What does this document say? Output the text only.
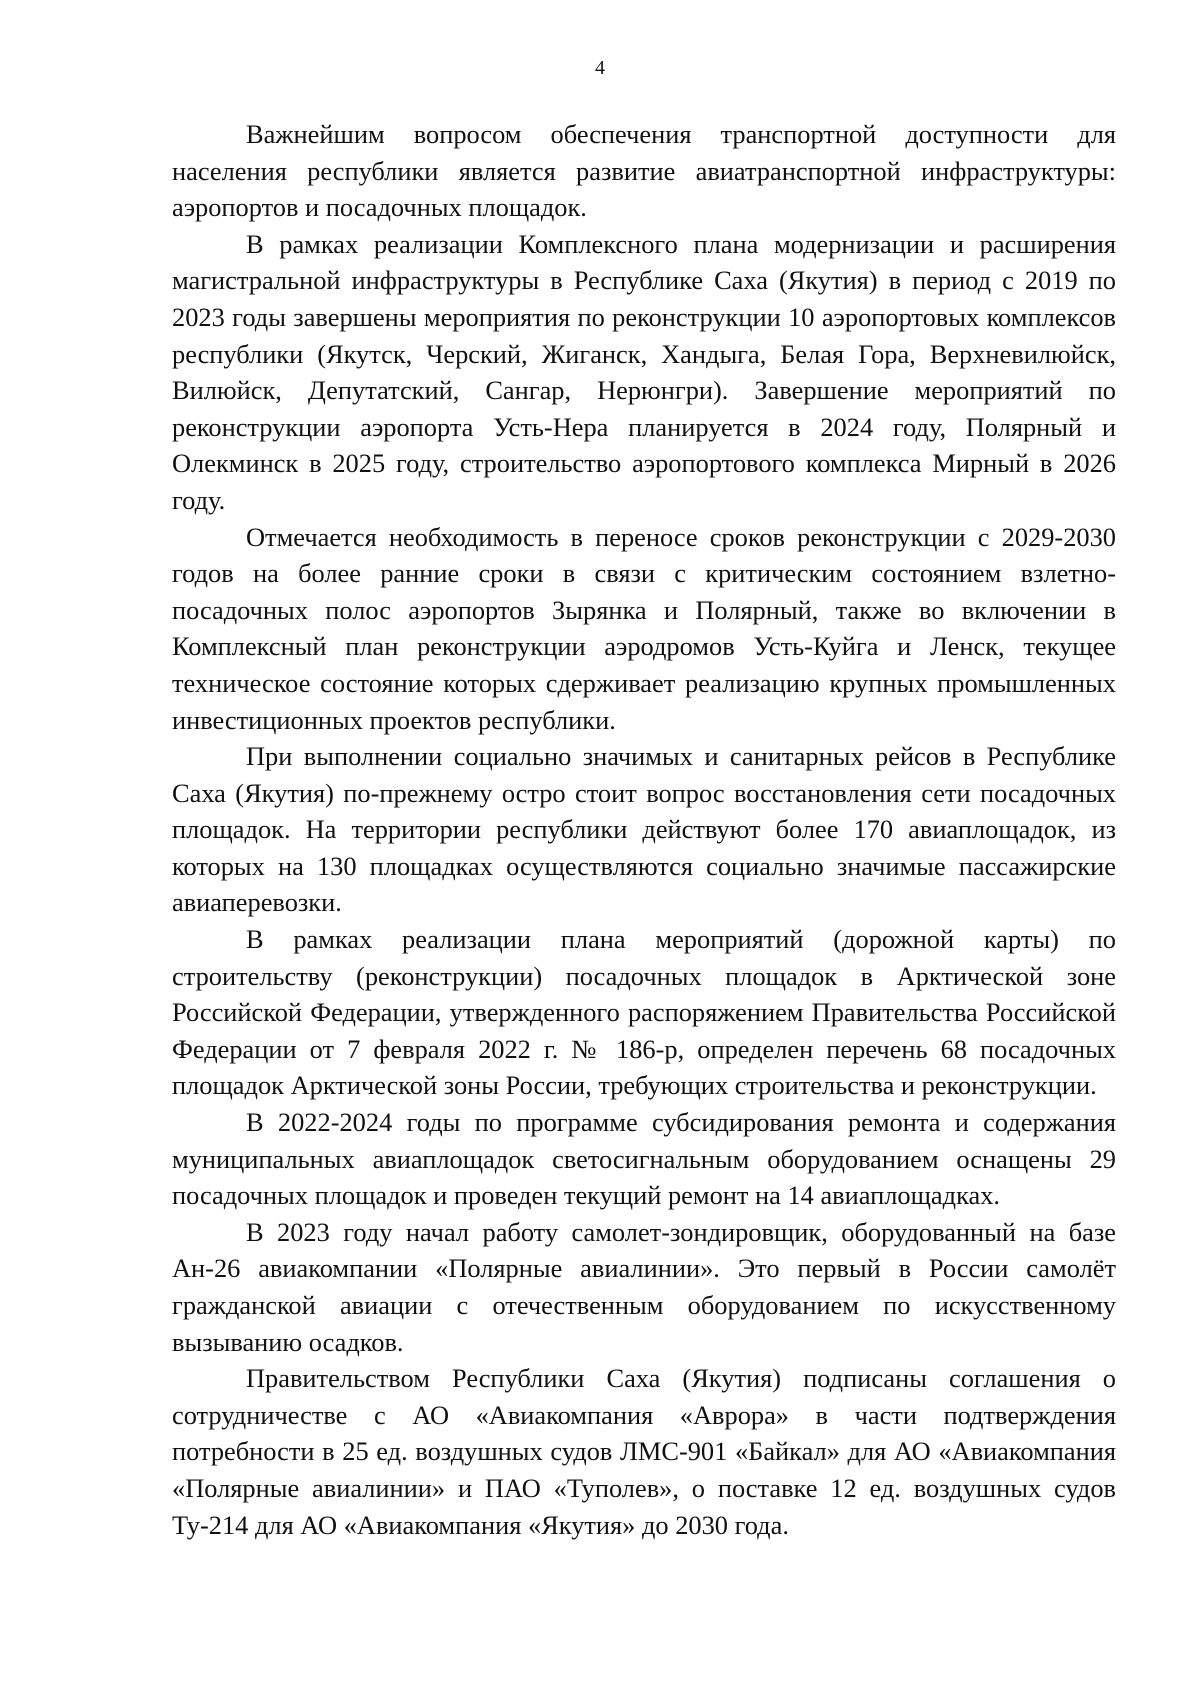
4

Важнейшим вопросом обеспечения транспортной доступности для населения республики является развитие авиатранспортной инфраструктуры: аэропортов и посадочных площадок.

В рамках реализации Комплексного плана модернизации и расширения магистральной инфраструктуры в Республике Саха (Якутия) в период с 2019 по 2023 годы завершены мероприятия по реконструкции 10 аэропортовых комплексов республики (Якутск, Черский, Жиганск, Хандыга, Белая Гора, Верхневилюйск, Вилюйск, Депутатский, Сангар, Нерюнгри). Завершение мероприятий по реконструкции аэропорта Усть-Нера планируется в 2024 году, Полярный и Олекминск в 2025 году, строительство аэропортового комплекса Мирный в 2026 году.

Отмечается необходимость в переносе сроков реконструкции с 2029-2030 годов на более ранние сроки в связи с критическим состоянием взлетно-посадочных полос аэропортов Зырянка и Полярный, также во включении в Комплексный план реконструкции аэродромов Усть-Куйга и Ленск, текущее техническое состояние которых сдерживает реализацию крупных промышленных инвестиционных проектов республики.

При выполнении социально значимых и санитарных рейсов в Республике Саха (Якутия) по-прежнему остро стоит вопрос восстановления сети посадочных площадок. На территории республики действуют более 170 авиаплощадок, из которых на 130 площадках осуществляются социально значимые пассажирские авиаперевозки.

В рамках реализации плана мероприятий (дорожной карты) по строительству (реконструкции) посадочных площадок в Арктической зоне Российской Федерации, утвержденного распоряжением Правительства Российской Федерации от 7 февраля 2022 г. № 186-р, определен перечень 68 посадочных площадок Арктической зоны России, требующих строительства и реконструкции.

В 2022-2024 годы по программе субсидирования ремонта и содержания муниципальных авиаплощадок светосигнальным оборудованием оснащены 29 посадочных площадок и проведен текущий ремонт на 14 авиаплощадках.

В 2023 году начал работу самолет-зондировщик, оборудованный на базе Ан-26 авиакомпании «Полярные авиалинии». Это первый в России самолёт гражданской авиации с отечественным оборудованием по искусственному вызыванию осадков.

Правительством Республики Саха (Якутия) подписаны соглашения о сотрудничестве с АО «Авиакомпания «Аврора» в части подтверждения потребности в 25 ед. воздушных судов ЛМС-901 «Байкал» для АО «Авиакомпания «Полярные авиалинии» и ПАО «Туполев», о поставке 12 ед. воздушных судов Ту-214 для АО «Авиакомпания «Якутия» до 2030 года.
